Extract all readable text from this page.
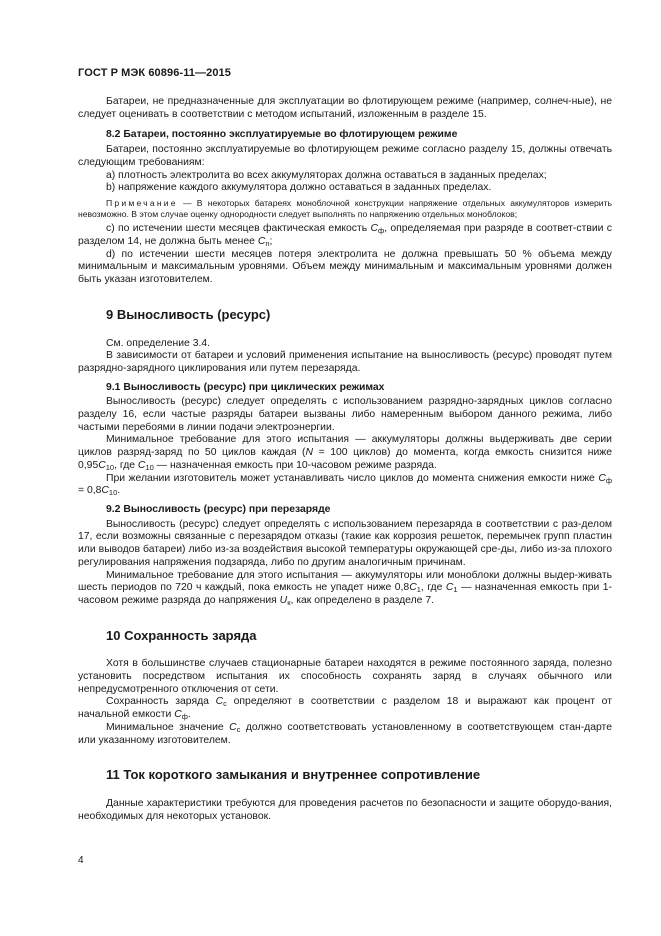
ГОСТ Р МЭК 60896-11—2015

Батареи, не предназначенные для эксплуатации во флотирующем режиме (например, солнеч-ные), не следует оценивать в соответствии с методом испытаний, изложенным в разделе 15.

8.2 Батареи, постоянно эксплуатируемые во флотирующем режиме

Батареи, постоянно эксплуатируемые во флотирующем режиме согласно разделу 15, должны отвечать следующим требованиям:

a) плотность электролита во всех аккумуляторах должна оставаться в заданных пределах;

b) напряжение каждого аккумулятора должно оставаться в заданных пределах.

Примечание — В некоторых батареях моноблочной конструкции напряжение отдельных аккумуляторов измерить невозможно. В этом случае оценку однородности следует выполнять по напряжению отдельных моноблоков;

c) по истечении шести месяцев фактическая емкость $C_ф$, определяемая при разряде в соответ-ствии с разделом 14, не должна быть менее $C_n$;

d) по истечении шести месяцев потеря электролита не должна превышать 50 % объема между минимальным и максимальным уровнями. Объем между минимальным и максимальным уровнями должен быть указан изготовителем.

9 Выносливость (ресурс)

См. определение 3.4.

В зависимости от батареи и условий применения испытание на выносливость (ресурс) проводят путем разрядно-зарядного циклирования или путем перезаряда.

9.1 Выносливость (ресурс) при циклических режимах

Выносливость (ресурс) следует определять с использованием разрядно-зарядных циклов согласно разделу 16, если частые разряды батареи вызваны либо намеренным выбором данного режима, либо частыми перебоями в линии подачи электроэнергии.

Минимальное требование для этого испытания — аккумуляторы должны выдерживать две серии циклов разряд-заряд по 50 циклов каждая (N = 100 циклов) до момента, когда емкость снизится ниже $0,95C_{10}$, где $C_{10}$ — назначенная емкость при 10-часовом режиме разряда.

При желании изготовитель может устанавливать число циклов до момента снижения емкости ниже $C_ф = 0,8C_{10}$.

9.2 Выносливость (ресурс) при перезаряде

Выносливость (ресурс) следует определять с использованием перезаряда в соответствии с раз-делом 17, если возможны связанные с перезарядом отказы (такие как коррозия решеток, перемычек групп пластин или выводов батареи) либо из-за воздействия высокой температуры окружающей сре-ды, либо из-за плохого регулирования напряжения подзаряда, либо по другим аналогичным причинам.

Минимальное требование для этого испытания — аккумуляторы или моноблоки должны выдер-живать шесть периодов по 720 ч каждый, пока емкость не упадет ниже $0,8C_1$, где $C_1$ — назначенная емкость при 1-часовом режиме разряда до напряжения $U_к$, как определено в разделе 7.

10 Сохранность заряда

Хотя в большинстве случаев стационарные батареи находятся в режиме постоянного заряда, полезно установить посредством испытания их способность сохранять заряд в случаях обычного или непредусмотренного отключения от сети.

Сохранность заряда $C_c$ определяют в соответствии с разделом 18 и выражают как процент от начальной емкости $C_ф$.

Минимальное значение $C_c$ должно соответствовать установленному в соответствующем стан-дарте или указанному изготовителем.

11 Ток короткого замыкания и внутреннее сопротивление

Данные характеристики требуются для проведения расчетов по безопасности и защите оборудо-вания, необходимых для некоторых установок.

4
